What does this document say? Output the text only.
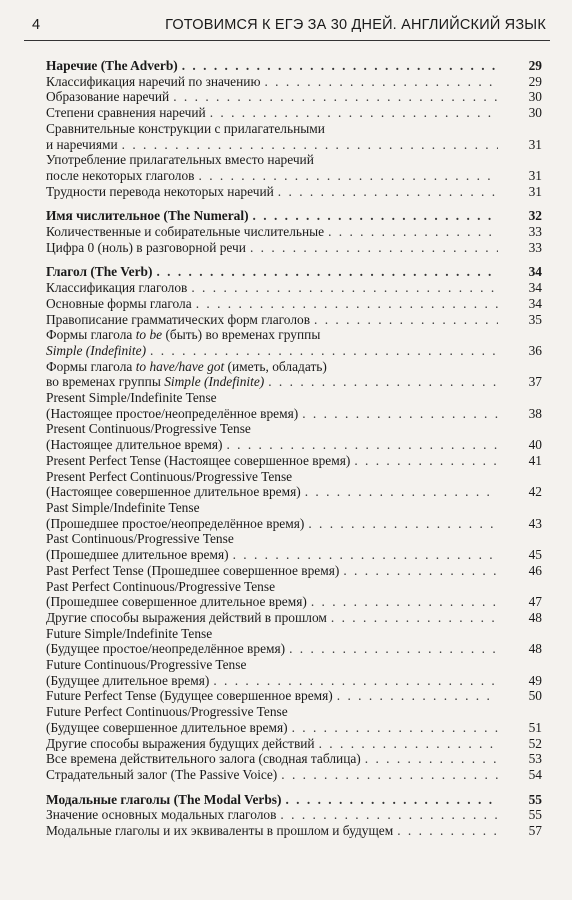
4	ГОТОВИМСЯ К ЕГЭ ЗА 30 ДНЕЙ. АНГЛИЙСКИЙ ЯЗЫК
Наречие (The Adverb) . . .	29
Классификация наречий по значению . . .	29
Образование наречий . . .	30
Степени сравнения наречий . . .	30
Сравнительные конструкции с прилагательными
и наречиями . . .	31
Употребление прилагательных вместо наречий
после некоторых глаголов . . .	31
Трудности перевода некоторых наречий . . .	31
Имя числительное (The Numeral) . . .	32
Количественные и собирательные числительные . . .	33
Цифра 0 (ноль) в разговорной речи . . .	33
Глагол (The Verb) . . .	34
Классификация глаголов . . .	34
Основные формы глагола . . .	34
Правописание грамматических форм глаголов . . .	35
Формы глагола to be (быть) во временах группы
Simple (Indefinite) . . .	36
Формы глагола to have/have got (иметь, обладать)
во временах группы Simple (Indefinite) . . .	37
Present Simple/Indefinite Tense
(Настоящее простое/неопределённое время) . . .	38
Present Continuous/Progressive Tense
(Настоящее длительное время) . . .	40
Present Perfect Tense (Настоящее совершенное время) . . .	41
Present Perfect Continuous/Progressive Tense
(Настоящее совершенное длительное время) . . .	42
Past Simple/Indefinite Tense
(Прошедшее простое/неопределённое время) . . .	43
Past Continuous/Progressive Tense
(Прошедшее длительное время) . . .	45
Past Perfect Tense (Прошедшее совершенное время) . . .	46
Past Perfect Continuous/Progressive Tense
(Прошедшее совершенное длительное время) . . .	47
Другие способы выражения действий в прошлом . . .	48
Future Simple/Indefinite Tense
(Будущее простое/неопределённое время) . . .	48
Future Continuous/Progressive Tense
(Будущее длительное время) . . .	49
Future Perfect Tense (Будущее совершенное время) . . .	50
Future Perfect Continuous/Progressive Tense
(Будущее совершенное длительное время) . . .	51
Другие способы выражения будущих действий . . .	52
Все времена действительного залога (сводная таблица) . . .	53
Страдательный залог (The Passive Voice) . . .	54
Модальные глаголы (The Modal Verbs) . . .	55
Значение основных модальных глаголов . . .	55
Модальные глаголы и их эквиваленты в прошлом и будущем . . .	57
